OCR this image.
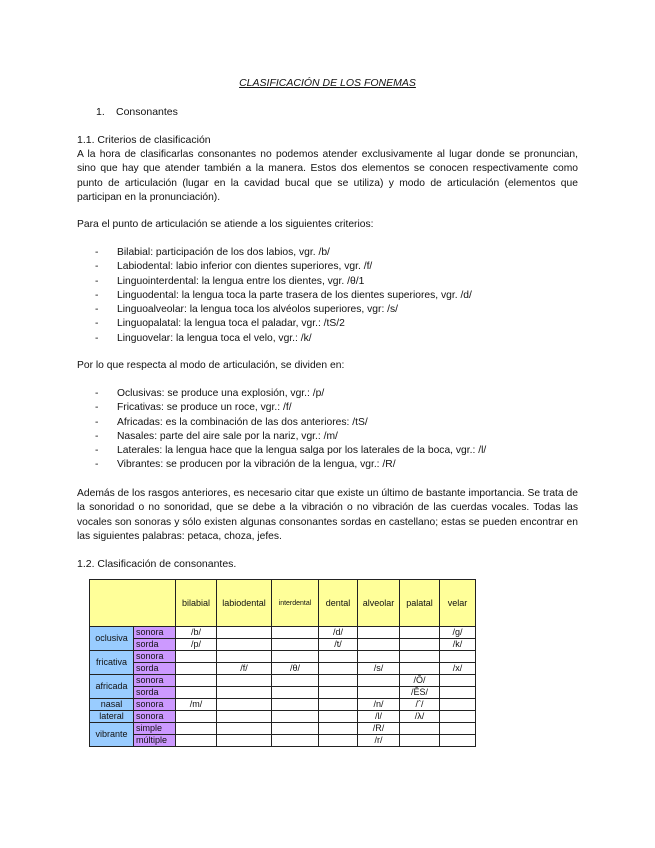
CLASIFICACIÓN DE LOS FONEMAS
1. Consonantes
1.1. Criterios de clasificación
A la hora de clasificarlas consonantes no podemos atender exclusivamente al lugar donde se pronuncian, sino que hay que atender también a la manera. Estos dos elementos se conocen respectivamente como punto de articulación (lugar en la cavidad bucal que se utiliza) y modo de articulación (elementos que participan en la pronunciación).
Para el punto de articulación se atiende a los siguientes criterios:
- Bilabial: participación de los dos labios, vgr. /b/
- Labiodental: labio inferior con dientes superiores, vgr. /f/
- Linguointerdental: la lengua entre los dientes, vgr. /θ/1
- Linguodental: la lengua toca la parte trasera de los dientes superiores, vgr. /d/
- Linguoalveolar: la lengua toca los alvéolos superiores, vgr: /s/
- Linguopalatal: la lengua toca el paladar, vgr.: /tS/2
- Linguovelar: la lengua toca el velo, vgr.: /k/
Por lo que respecta al modo de articulación, se dividen en:
- Oclusivas: se produce una explosión, vgr.: /p/
- Fricativas: se produce un roce, vgr.: /f/
- Africadas: es la combinación de las dos anteriores: /tS/
- Nasales: parte del aire sale por la nariz, vgr.: /m/
- Laterales: la lengua hace que la lengua salga por los laterales de la boca, vgr.: /l/
- Vibrantes: se producen por la vibración de la lengua, vgr.: /R/
Además de los rasgos anteriores, es necesario citar que existe un último de bastante importancia. Se trata de la sonoridad o no sonoridad, que se debe a la vibración o no vibración de las cuerdas vocales. Todas las vocales son sonoras y sólo existen algunas consonantes sordas en castellano; estas se pueden encontrar en las siguientes palabras: petaca, choza, jefes.
1.2. Clasificación de consonantes.
		bilabial	labiodental	interdental	dental	alveolar	palatal	velar
oclusiva	sonora	/b/			/d/			/g/
	sorda	/p/			/t/			/k/
fricativa	sonora							
	sorda		/f/	/θ/		/s/		/x/
africada	sonora						/Ô/	
	sorda						/ÊS/	
nasal	sonora	/m/				/n/	/ˆ/	
lateral	sonora					/l/	/λ/	
vibrante	simple					/R/		
	múltiple					/r/		
